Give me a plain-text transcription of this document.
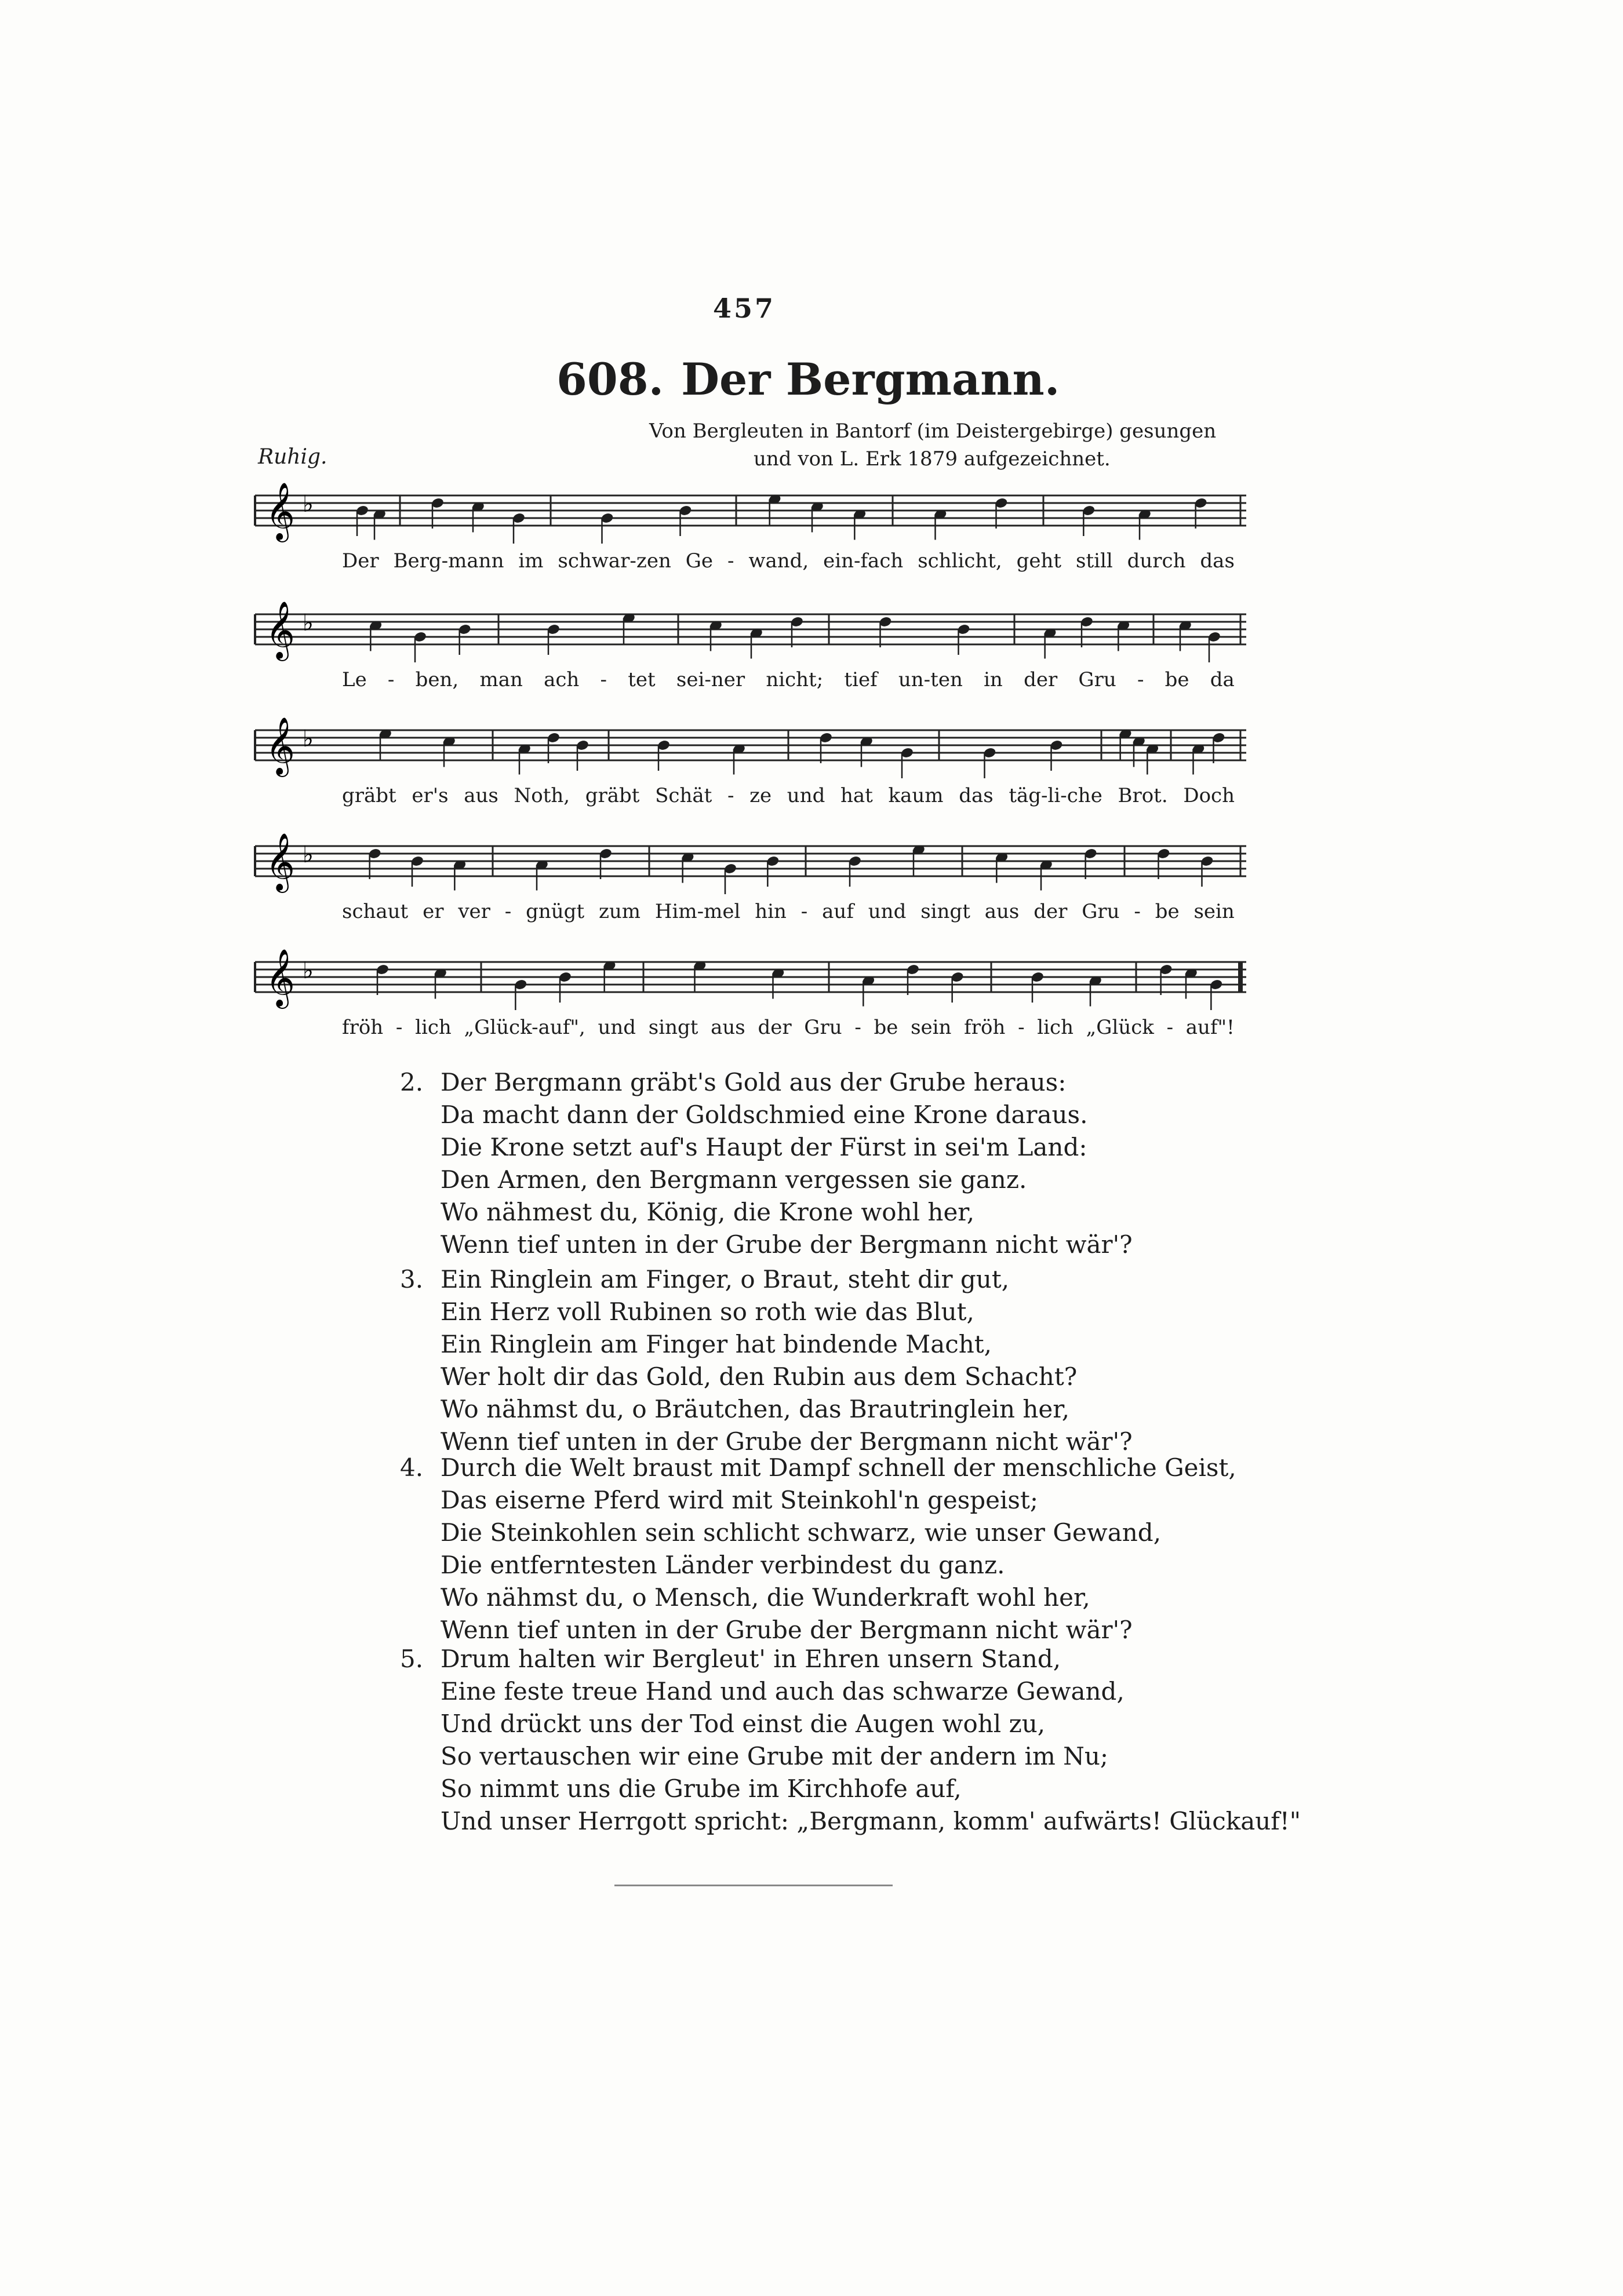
457
608. Der Bergmann.
Von Bergleuten in Bantorf (im Deistergebirge) gesungen
und von L. Erk 1879 aufgezeichnet.
Ruhig.
𝄞 ♭
Der Berg-mann im schwar-zen Ge - wand, ein-fach schlicht, geht still durch das
𝄞 ♭
Le - ben, man ach - tet sei-ner nicht; tief un-ten in der Gru - be da
𝄞 ♭
gräbt er's aus Noth, gräbt Schät - ze und hat kaum das täg-li-che Brot. Doch
𝄞 ♭
schaut er ver - gnügt zum Him-mel hin - auf und singt aus der Gru - be sein
𝄞 ♭
fröh - lich „Glück-auf", und singt aus der Gru - be sein fröh - lich „Glück - auf"!
2. Der Bergmann gräbt's Gold aus der Grube heraus:
Da macht dann der Goldschmied eine Krone daraus.
Die Krone setzt auf's Haupt der Fürst in sei'm Land:
Den Armen, den Bergmann vergessen sie ganz.
Wo nähmest du, König, die Krone wohl her,
Wenn tief unten in der Grube der Bergmann nicht wär'?
3. Ein Ringlein am Finger, o Braut, steht dir gut,
Ein Herz voll Rubinen so roth wie das Blut,
Ein Ringlein am Finger hat bindende Macht,
Wer holt dir das Gold, den Rubin aus dem Schacht?
Wo nähmst du, o Bräutchen, das Brautringlein her,
Wenn tief unten in der Grube der Bergmann nicht wär'?
4. Durch die Welt braust mit Dampf schnell der menschliche Geist,
Das eiserne Pferd wird mit Steinkohl'n gespeist;
Die Steinkohlen sein schlicht schwarz, wie unser Gewand,
Die entferntesten Länder verbindest du ganz.
Wo nähmst du, o Mensch, die Wunderkraft wohl her,
Wenn tief unten in der Grube der Bergmann nicht wär'?
5. Drum halten wir Bergleut' in Ehren unsern Stand,
Eine feste treue Hand und auch das schwarze Gewand,
Und drückt uns der Tod einst die Augen wohl zu,
So vertauschen wir eine Grube mit der andern im Nu;
So nimmt uns die Grube im Kirchhofe auf,
Und unser Herrgott spricht: „Bergmann, komm' aufwärts! Glückauf!"
